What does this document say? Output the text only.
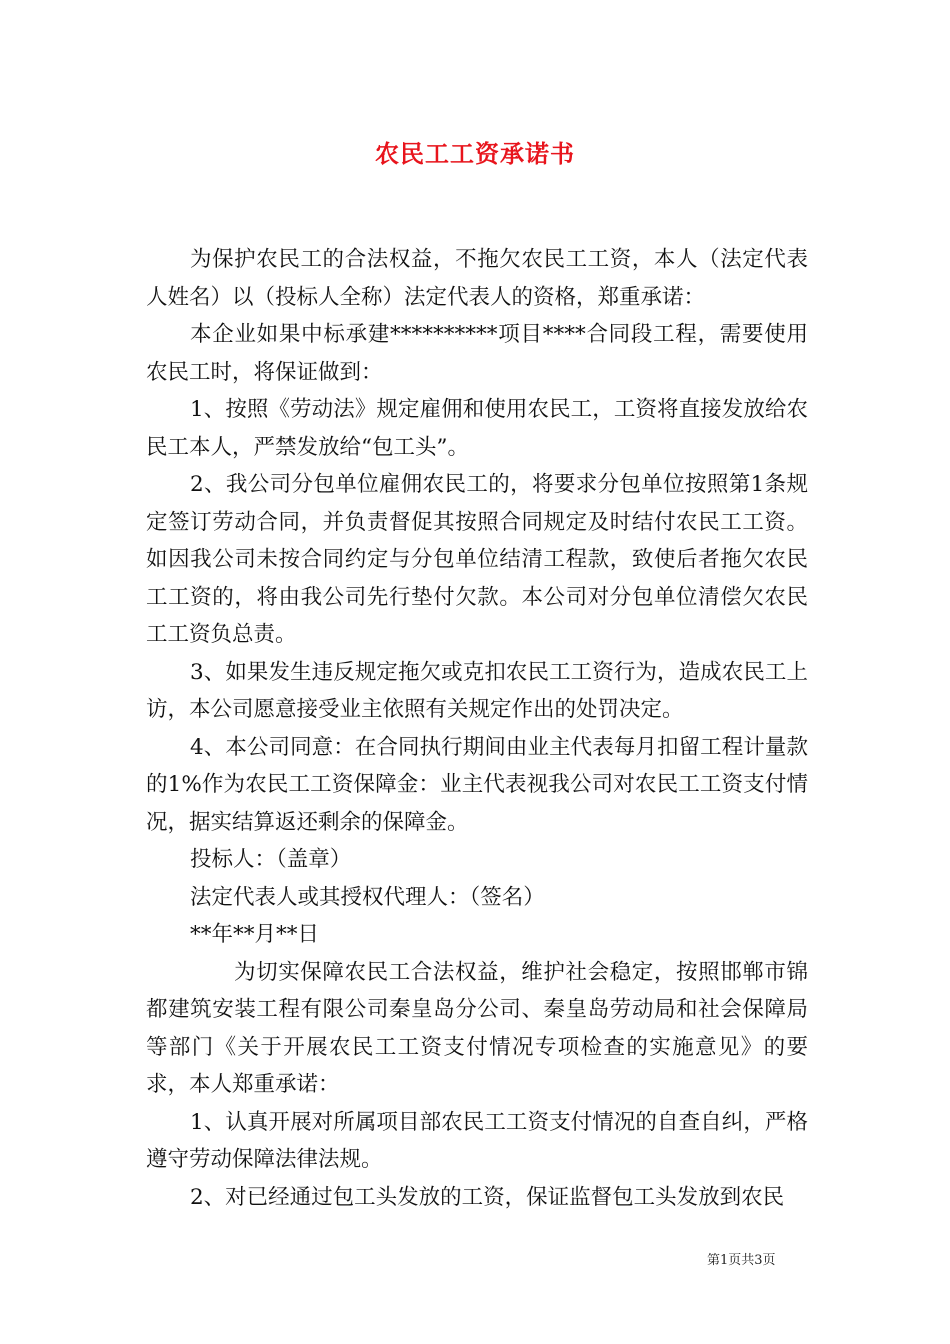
农民工工资承诺书

为保护农民工的合法权益，不拖欠农民工工资，本人（法定代表人姓名）以（投标人全称）法定代表人的资格，郑重承诺：

本企业如果中标承建**********项目****合同段工程，需要使用农民工时，将保证做到：

1、按照《劳动法》规定雇佣和使用农民工，工资将直接发放给农民工本人，严禁发放给“包工头”。

2、我公司分包单位雇佣农民工的，将要求分包单位按照第1条规定签订劳动合同，并负责督促其按照合同规定及时结付农民工工资。如因我公司未按合同约定与分包单位结清工程款，致使后者拖欠农民工工资的，将由我公司先行垫付欠款。本公司对分包单位清偿欠农民工工资负总责。

3、如果发生违反规定拖欠或克扣农民工工资行为，造成农民工上访，本公司愿意接受业主依照有关规定作出的处罚决定。

4、本公司同意：在合同执行期间由业主代表每月扣留工程计量款的1%作为农民工工资保障金：业主代表视我公司对农民工工资支付情况，据实结算返还剩余的保障金。

投标人：（盖章）

法定代表人或其授权代理人：（签名）

**年**月**日

为切实保障农民工合法权益，维护社会稳定，按照邯郸市锦都建筑安装工程有限公司秦皇岛分公司、秦皇岛劳动局和社会保障局等部门《关于开展农民工工资支付情况专项检查的实施意见》的要求，本人郑重承诺：

1、认真开展对所属项目部农民工工资支付情况的自查自纠，严格遵守劳动保障法律法规。

2、对已经通过包工头发放的工资，保证监督包工头发放到农民

第1页共3页
